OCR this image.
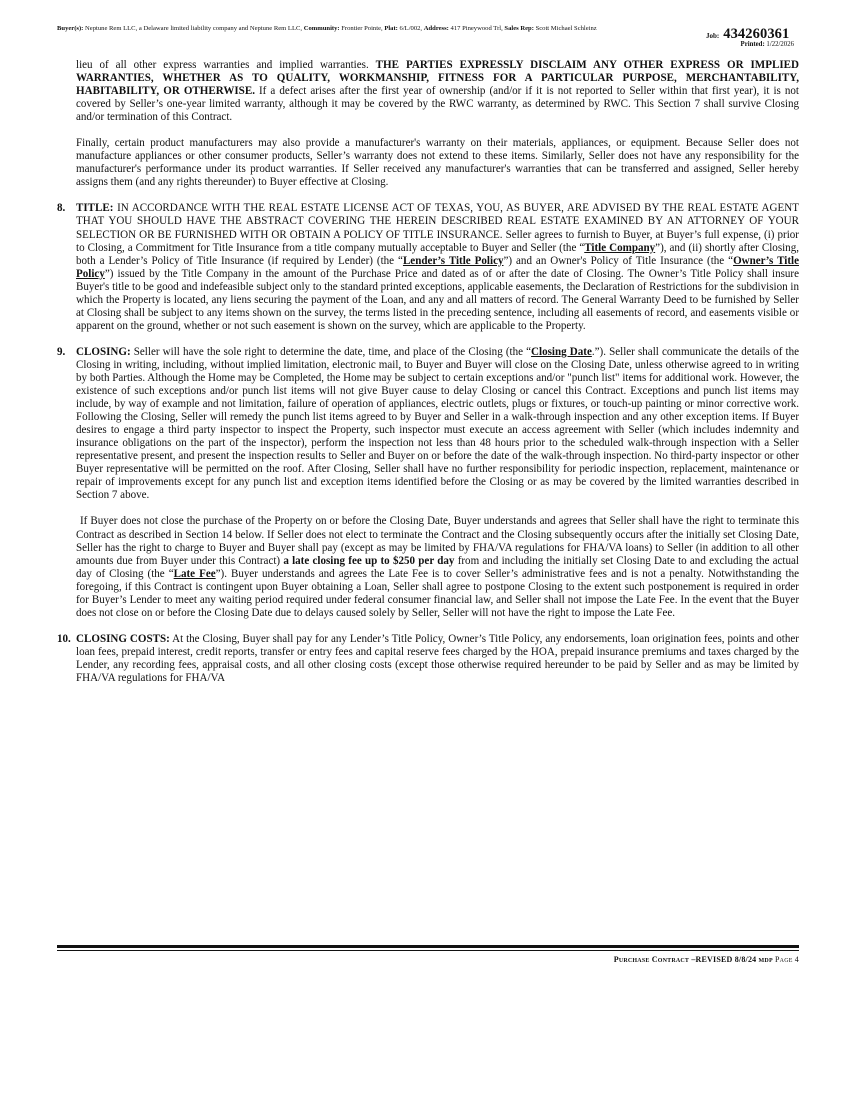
Buyer(s): Neptune Rem LLC, a Delaware limited liability company and Neptune Rem LLC, Community: Frontier Pointe, Plat: 6/L/002, Address: 417 Pineywood Trl, Sales Rep: Scott Michael Schleinz
Job: 434260361
Printed: 1/22/2026

lieu of all other express warranties and implied warranties. THE PARTIES EXPRESSLY DISCLAIM ANY OTHER EXPRESS OR IMPLIED WARRANTIES, WHETHER AS TO QUALITY, WORKMANSHIP, FITNESS FOR A PARTICULAR PURPOSE, MERCHANTABILITY, HABITABILITY, OR OTHERWISE. If a defect arises after the first year of ownership (and/or if it is not reported to Seller within that first year), it is not covered by Seller’s one-year limited warranty, although it may be covered by the RWC warranty, as determined by RWC. This Section 7 shall survive Closing and/or termination of this Contract.

Finally, certain product manufacturers may also provide a manufacturer's warranty on their materials, appliances, or equipment. Because Seller does not manufacture appliances or other consumer products, Seller’s warranty does not extend to these items. Similarly, Seller does not have any responsibility for the manufacturer's performance under its product warranties. If Seller received any manufacturer's warranties that can be transferred and assigned, Seller hereby assigns them (and any rights thereunder) to Buyer effective at Closing.

8. TITLE: IN ACCORDANCE WITH THE REAL ESTATE LICENSE ACT OF TEXAS, YOU, AS BUYER, ARE ADVISED BY THE REAL ESTATE AGENT THAT YOU SHOULD HAVE THE ABSTRACT COVERING THE HEREIN DESCRIBED REAL ESTATE EXAMINED BY AN ATTORNEY OF YOUR SELECTION OR BE FURNISHED WITH OR OBTAIN A POLICY OF TITLE INSURANCE. Seller agrees to furnish to Buyer, at Buyer’s full expense, (i) prior to Closing, a Commitment for Title Insurance from a title company mutually acceptable to Buyer and Seller (the “Title Company”), and (ii) shortly after Closing, both a Lender’s Policy of Title Insurance (if required by Lender) (the “Lender’s Title Policy”) and an Owner's Policy of Title Insurance (the “Owner’s Title Policy”) issued by the Title Company in the amount of the Purchase Price and dated as of or after the date of Closing. The Owner’s Title Policy shall insure Buyer's title to be good and indefeasible subject only to the standard printed exceptions, applicable easements, the Declaration of Restrictions for the subdivision in which the Property is located, any liens securing the payment of the Loan, and any and all matters of record. The General Warranty Deed to be furnished by Seller at Closing shall be subject to any items shown on the survey, the terms listed in the preceding sentence, including all easements of record, and easements visible or apparent on the ground, whether or not such easement is shown on the survey, which are applicable to the Property.

9. CLOSING: Seller will have the sole right to determine the date, time, and place of the Closing (the “Closing Date.”). Seller shall communicate the details of the Closing in writing, including, without implied limitation, electronic mail, to Buyer and Buyer will close on the Closing Date, unless otherwise agreed to in writing by both Parties. Although the Home may be Completed, the Home may be subject to certain exceptions and/or "punch list" items for additional work. However, the existence of such exceptions and/or punch list items will not give Buyer cause to delay Closing or cancel this Contract. Exceptions and punch list items may include, by way of example and not limitation, failure of operation of appliances, electric outlets, plugs or fixtures, or touch-up painting or minor corrective work. Following the Closing, Seller will remedy the punch list items agreed to by Buyer and Seller in a walk-through inspection and any other exception items. If Buyer desires to engage a third party inspector to inspect the Property, such inspector must execute an access agreement with Seller (which includes indemnity and insurance obligations on the part of the inspector), perform the inspection not less than 48 hours prior to the scheduled walk-through inspection with a Seller representative present, and present the inspection results to Seller and Buyer on or before the date of the walk-through inspection. No third-party inspector or other Buyer representative will be permitted on the roof. After Closing, Seller shall have no further responsibility for periodic inspection, replacement, maintenance or repair of improvements except for any punch list and exception items identified before the Closing or as may be covered by the limited warranties described in Section 7 above.

If Buyer does not close the purchase of the Property on or before the Closing Date, Buyer understands and agrees that Seller shall have the right to terminate this Contract as described in Section 14 below. If Seller does not elect to terminate the Contract and the Closing subsequently occurs after the initially set Closing Date, Seller has the right to charge to Buyer and Buyer shall pay (except as may be limited by FHA/VA regulations for FHA/VA loans) to Seller (in addition to all other amounts due from Buyer under this Contract) a late closing fee up to $250 per day from and including the initially set Closing Date to and excluding the actual day of Closing (the “Late Fee”). Buyer understands and agrees the Late Fee is to cover Seller’s administrative fees and is not a penalty. Notwithstanding the foregoing, if this Contract is contingent upon Buyer obtaining a Loan, Seller shall agree to postpone Closing to the extent such postponement is required in order for Buyer’s Lender to meet any waiting period required under federal consumer financial law, and Seller shall not impose the Late Fee. In the event that the Buyer does not close on or before the Closing Date due to delays caused solely by Seller, Seller will not have the right to impose the Late Fee.

10. CLOSING COSTS: At the Closing, Buyer shall pay for any Lender’s Title Policy, Owner’s Title Policy, any endorsements, loan origination fees, points and other loan fees, prepaid interest, credit reports, transfer or entry fees and capital reserve fees charged by the HOA, prepaid insurance premiums and taxes charged by the Lender, any recording fees, appraisal costs, and all other closing costs (except those otherwise required hereunder to be paid by Seller and as may be limited by FHA/VA regulations for FHA/VA

Purchase Contract –REVISED 8/8/24 mdp Page 4
